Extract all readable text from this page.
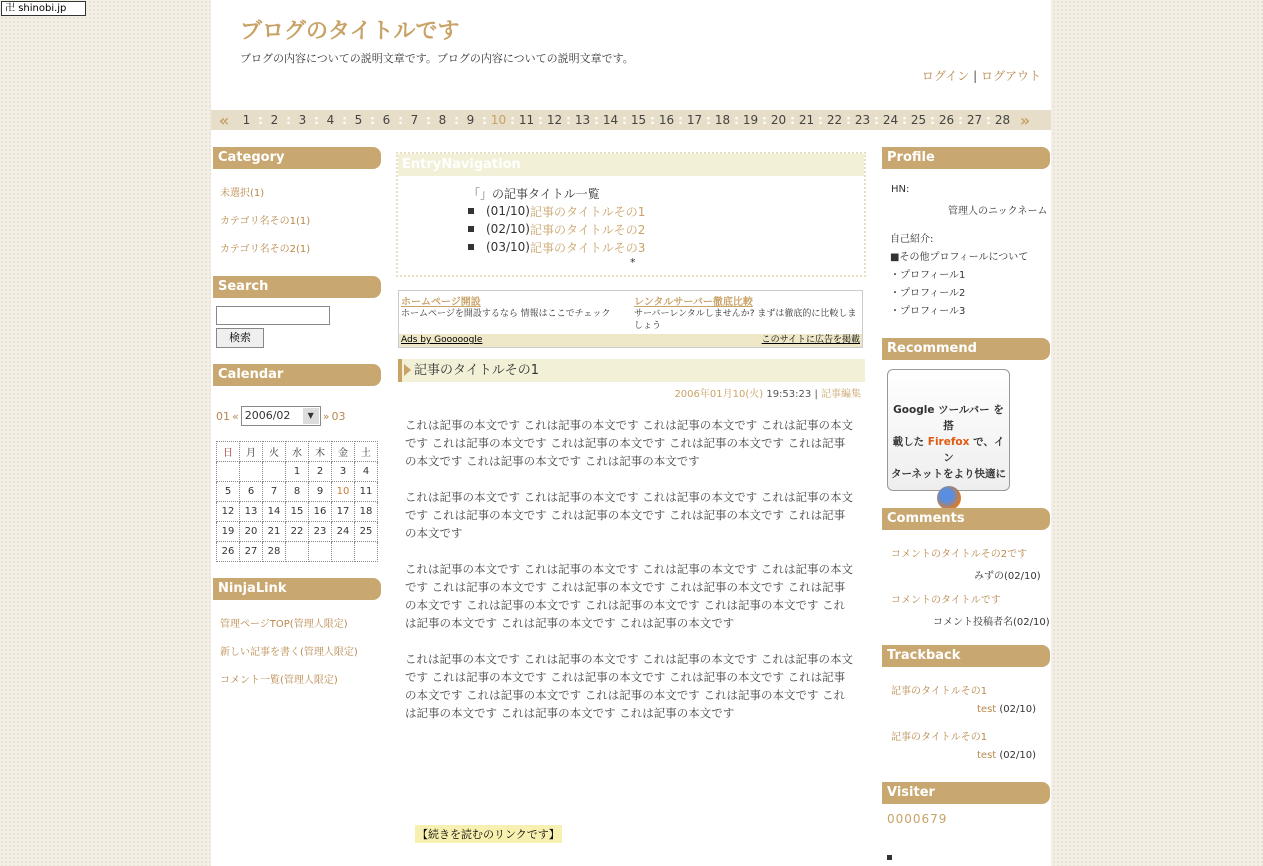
卍 shinobi.jp
ブログのタイトルです
ブログの内容についての説明文章です。ブログの内容についての説明文章です。
ログイン | ログアウト
«	1 : 2 : 3 : 4 : 5 : 6 : 7 : 8 : 9 : 10 : 11 : 12 : 13 : 14 : 15 : 16 : 17 : 18 : 19 : 20 : 21 : 22 : 23 : 24 : 25 : 26 : 27 : 28 »
Category
未選択(1)
カテゴリ名その1(1)
カテゴリ名その2(1)
Search
検索
Calendar
01 « 2006/02	▼ » 03
日	月	火	水	木	金	土
			1	2	3	4
5	6	7	8	9	10	11
12	13	14	15	16	17	18
19	20	21	22	23	24	25
26	27	28				
NinjaLink
管理ページTOP(管理人限定)
新しい記事を書く(管理人限定)
コメント一覧(管理人限定)
EntryNavigation
「」の記事タイトル一覧
(01/10) 記事のタイトルその1
(02/10) 記事のタイトルその2
(03/10) 記事のタイトルその3
*
ホームページ開設
ホームページを開設するなら 情報はここでチェック
レンタルサーバー徹底比較
サーバーレンタルしませんか? まずは徹底的に比較しましょう
Ads by Gooooogle	このサイトに広告を掲載
記事のタイトルその1
2006年01月10(火) 19:53:23 | 記事編集

これは記事の本文です これは記事の本文です これは記事の本文です これは記事の本文です これは記事の本文です これは記事の本文です これは記事の本文です これは記事の本文です これは記事の本文です これは記事の本文です

これは記事の本文です これは記事の本文です これは記事の本文です これは記事の本文です これは記事の本文です これは記事の本文です これは記事の本文です これは記事の本文です

これは記事の本文です これは記事の本文です これは記事の本文です これは記事の本文です これは記事の本文です これは記事の本文です これは記事の本文です これは記事の本文です これは記事の本文です これは記事の本文です これは記事の本文です これは記事の本文です これは記事の本文です これは記事の本文です

これは記事の本文です これは記事の本文です これは記事の本文です これは記事の本文です これは記事の本文です これは記事の本文です これは記事の本文です これは記事の本文です これは記事の本文です これは記事の本文です これは記事の本文です これは記事の本文です これは記事の本文です これは記事の本文です

【続きを読むのリンクです】
Profile
HN:
管理人のニックネーム
自己紹介:
■その他プロフィールについて
・プロフィール1
・プロフィール2
・プロフィール3
Recommend
Google ツールバー を搭
載した Firefox で、イン
ターネットをより快適に
Comments
コメントのタイトルその2です
みずの(02/10)
コメントのタイトルです
コメント投稿者名(02/10)
Trackback
記事のタイトルその1
test (02/10)
記事のタイトルその1
test (02/10)
Visiter
0000679
